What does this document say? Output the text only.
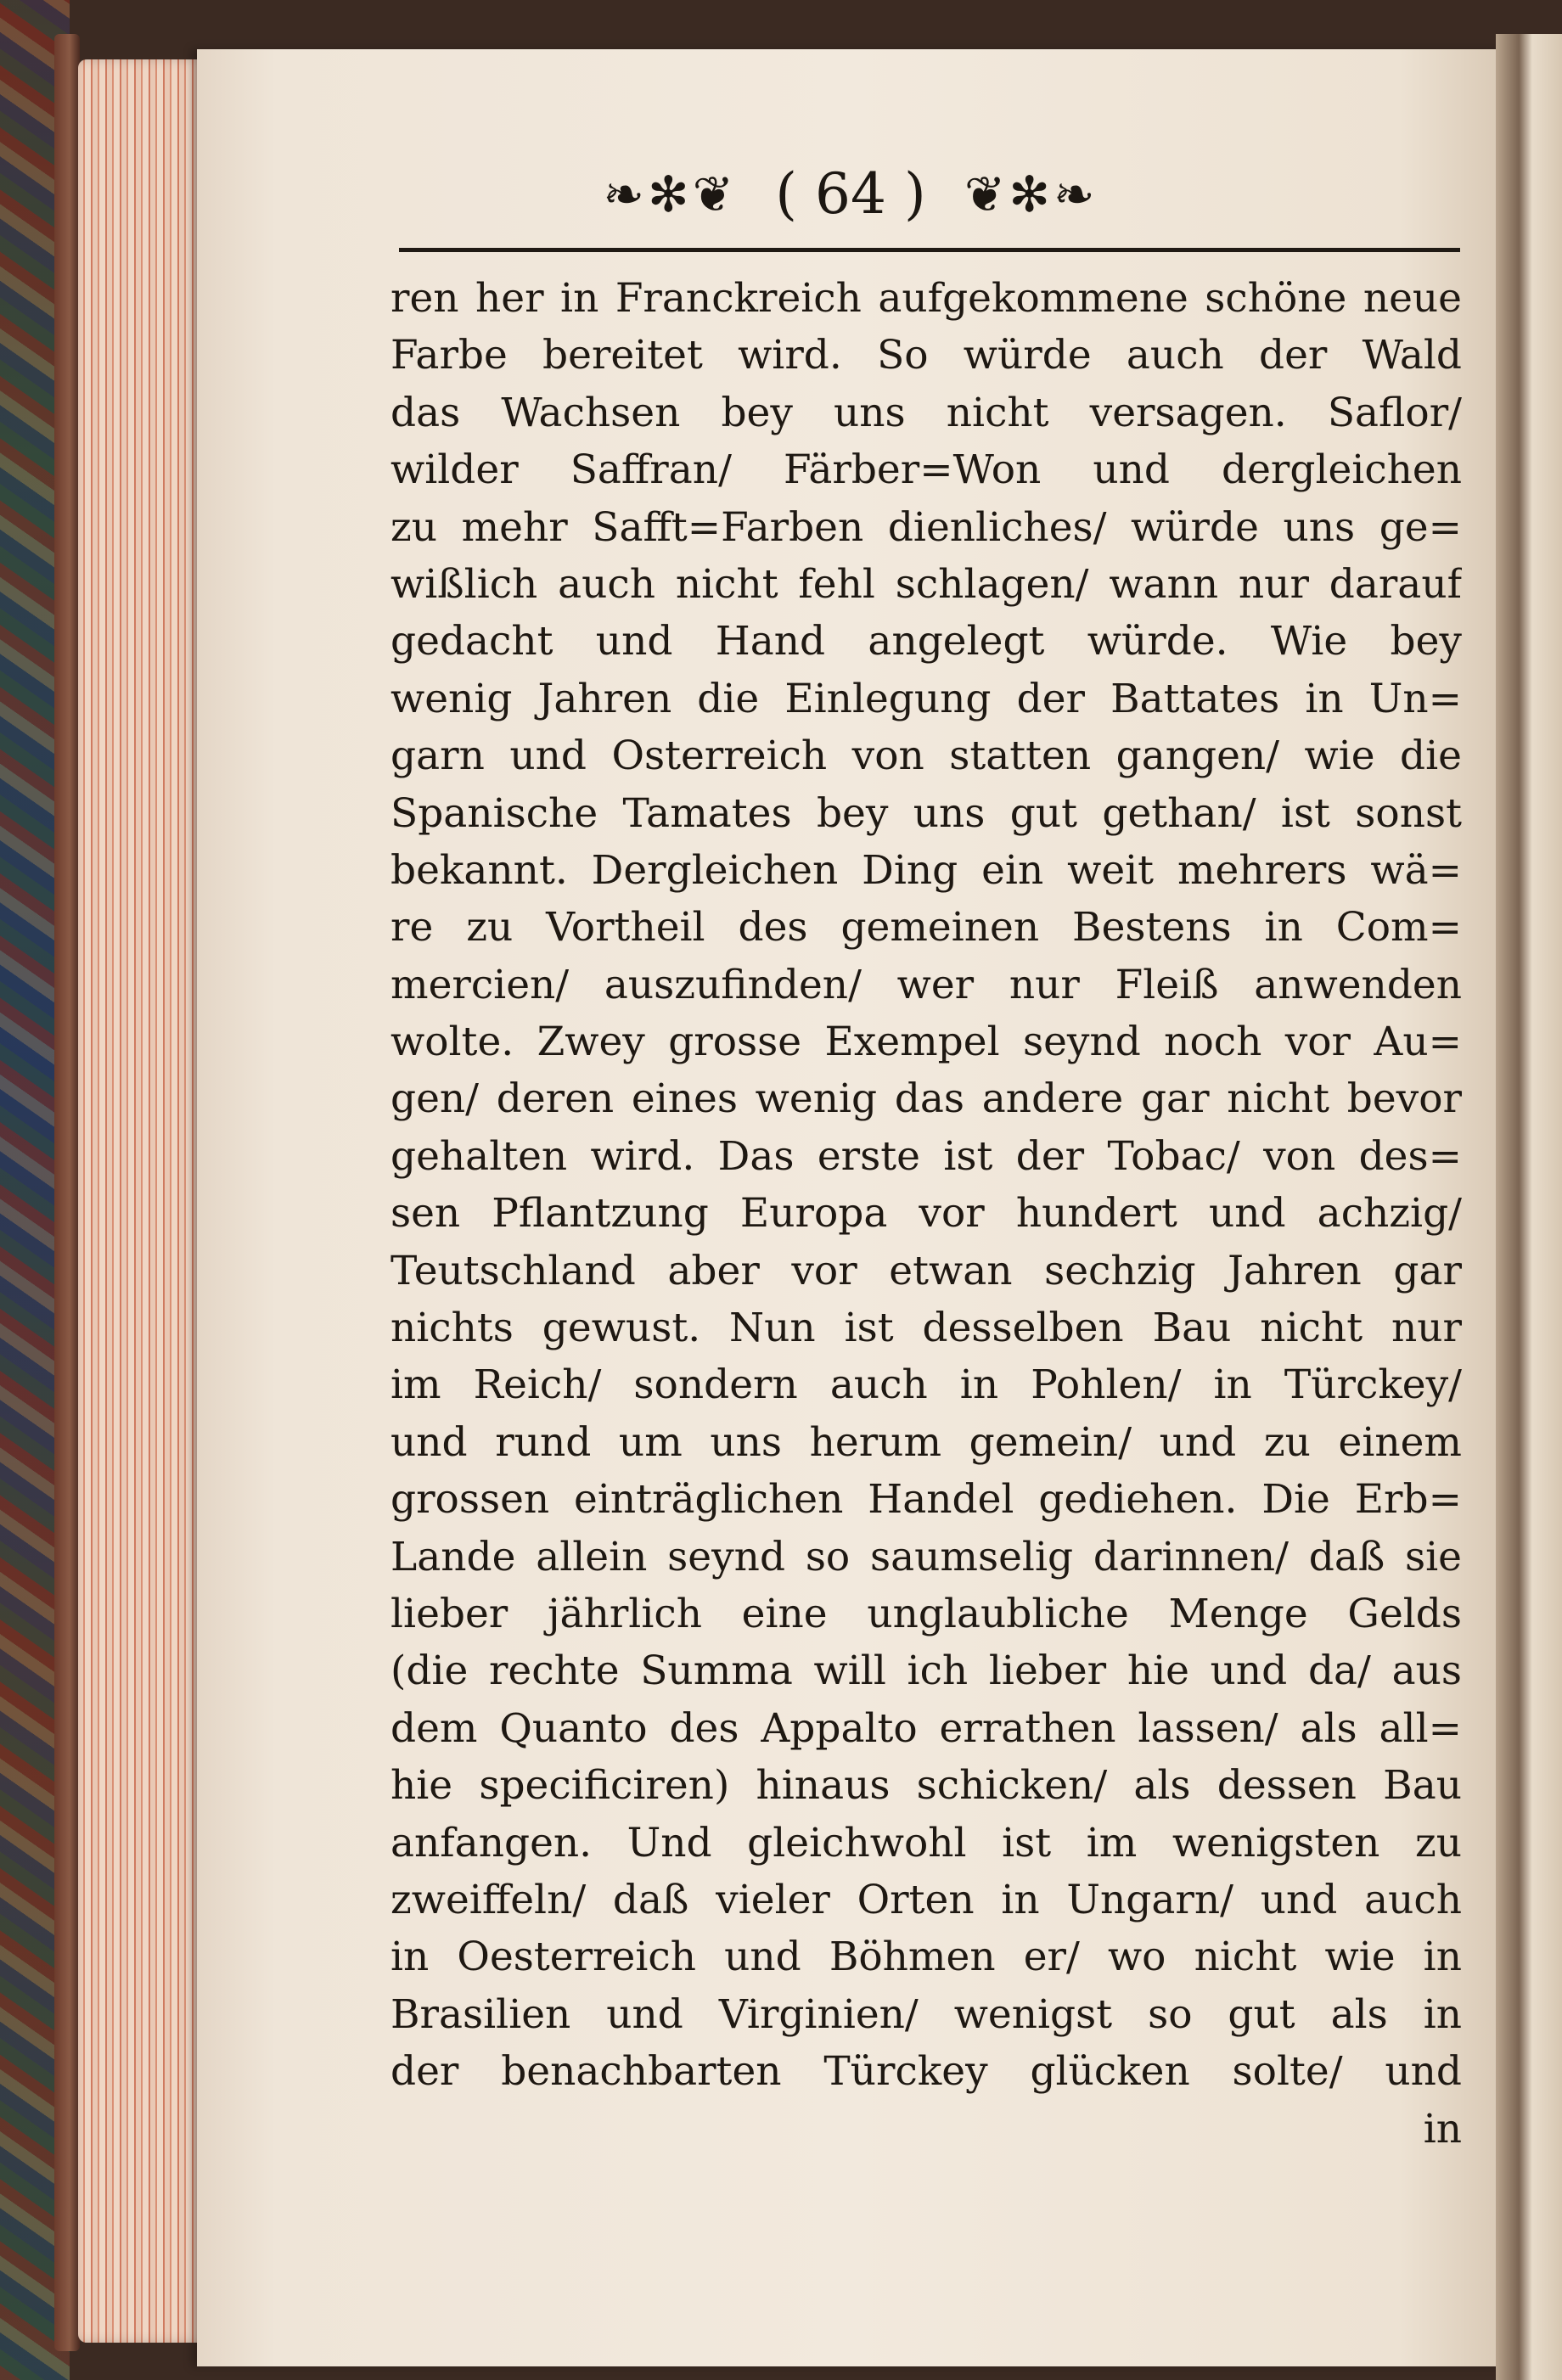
❧✻❦ ( 64 ) ❦✻❧
ren her in Franckreich aufgekommene schöne neue
Farbe bereitet wird. So würde auch der Wald
das Wachsen bey uns nicht versagen. Saflor/
wilder Saffran/ Färber=Won und dergleichen
zu mehr Safft=Farben dienliches/ würde uns ge=
wißlich auch nicht fehl schlagen/ wann nur darauf
gedacht und Hand angelegt würde. Wie bey
wenig Jahren die Einlegung der Battates in Un=
garn und Osterreich von statten gangen/ wie die
Spanische Tamates bey uns gut gethan/ ist sonst
bekannt. Dergleichen Ding ein weit mehrers wä=
re zu Vortheil des gemeinen Bestens in Com=
mercien/ auszufinden/ wer nur Fleiß anwenden
wolte. Zwey grosse Exempel seynd noch vor Au=
gen/ deren eines wenig das andere gar nicht bevor
gehalten wird. Das erste ist der Tobac/ von des=
sen Pflantzung Europa vor hundert und achzig/
Teutschland aber vor etwan sechzig Jahren gar
nichts gewust. Nun ist desselben Bau nicht nur
im Reich/ sondern auch in Pohlen/ in Türckey/
und rund um uns herum gemein/ und zu einem
grossen einträglichen Handel gediehen. Die Erb=
Lande allein seynd so saumselig darinnen/ daß sie
lieber jährlich eine unglaubliche Menge Gelds
(die rechte Summa will ich lieber hie und da/ aus
dem Quanto des Appalto errathen lassen/ als all=
hie specificiren) hinaus schicken/ als dessen Bau
anfangen. Und gleichwohl ist im wenigsten zu
zweiffeln/ daß vieler Orten in Ungarn/ und auch
in Oesterreich und Böhmen er/ wo nicht wie in
Brasilien und Virginien/ wenigst so gut als in
der benachbarten Türckey glücken solte/ und
in
